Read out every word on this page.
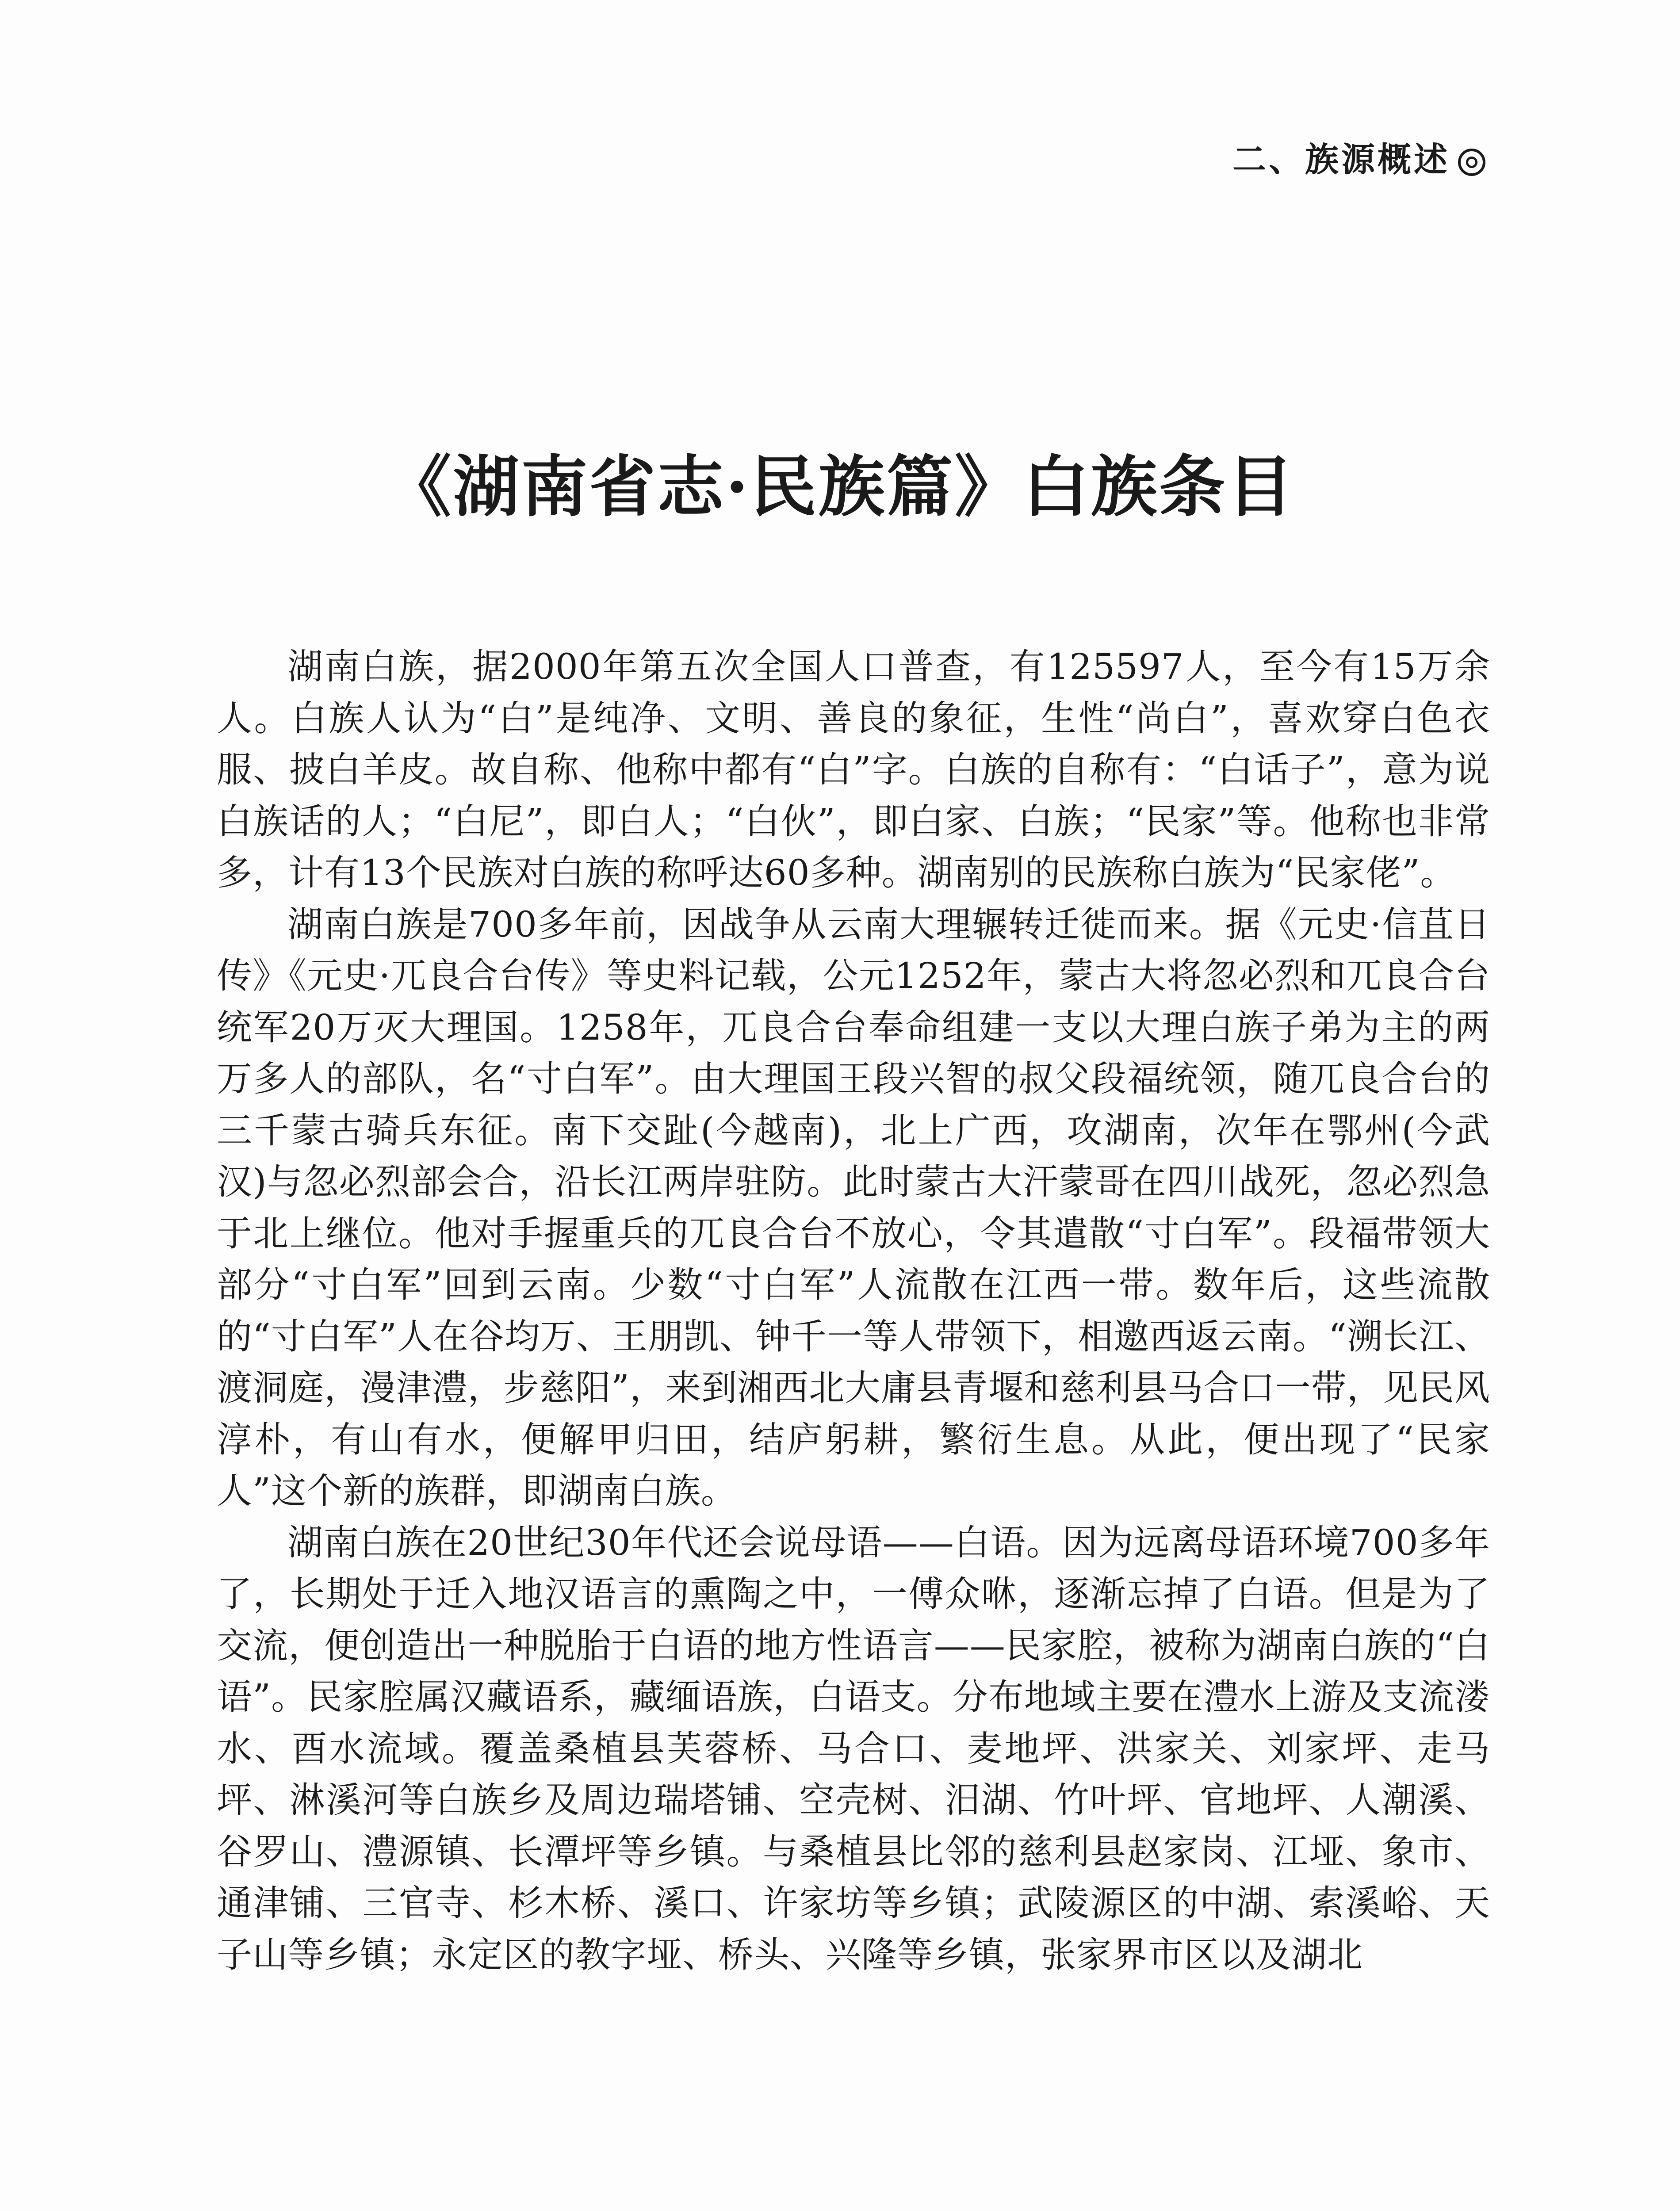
二、族源概述
《湖南省志·民族篇》白族条目

湖南白族，据2000年第五次全国人口普查，有125597人，至今有15万余人。白族人认为“白”是纯净、文明、善良的象征，生性“尚白”，喜欢穿白色衣服、披白羊皮。故自称、他称中都有“白”字。白族的自称有：“白话子”，意为说白族话的人；“白尼”，即白人；“白伙”，即白家、白族；“民家”等。他称也非常多，计有13个民族对白族的称呼达60多种。湖南别的民族称白族为“民家佬”。

湖南白族是700多年前，因战争从云南大理辗转迁徙而来。据《元史·信苴日传》《元史·兀良合台传》等史料记载，公元1252年，蒙古大将忽必烈和兀良合台统军20万灭大理国。1258年，兀良合台奉命组建一支以大理白族子弟为主的两万多人的部队，名“寸白军”。由大理国王段兴智的叔父段福统领，随兀良合台的三千蒙古骑兵东征。南下交趾(今越南)，北上广西，攻湖南，次年在鄂州(今武汉)与忽必烈部会合，沿长江两岸驻防。此时蒙古大汗蒙哥在四川战死，忽必烈急于北上继位。他对手握重兵的兀良合台不放心，令其遣散“寸白军”。段福带领大部分“寸白军”回到云南。少数“寸白军”人流散在江西一带。数年后，这些流散的“寸白军”人在谷均万、王朋凯、钟千一等人带领下，相邀西返云南。“溯长江、渡洞庭，漫津澧，步慈阳”，来到湘西北大庸县青堰和慈利县马合口一带，见民风淳朴，有山有水，便解甲归田，结庐躬耕，繁衍生息。从此，便出现了“民家人”这个新的族群，即湖南白族。

湖南白族在20世纪30年代还会说母语——白语。因为远离母语环境700多年了，长期处于迁入地汉语言的熏陶之中，一傅众咻，逐渐忘掉了白语。但是为了交流，便创造出一种脱胎于白语的地方性语言——民家腔，被称为湖南白族的“白语”。民家腔属汉藏语系，藏缅语族，白语支。分布地域主要在澧水上游及支流溇水、酉水流域。覆盖桑植县芙蓉桥、马合口、麦地坪、洪家关、刘家坪、走马坪、淋溪河等白族乡及周边瑞塔铺、空壳树、汨湖、竹叶坪、官地坪、人潮溪、谷罗山、澧源镇、长潭坪等乡镇。与桑植县比邻的慈利县赵家岗、江垭、象市、通津铺、三官寺、杉木桥、溪口、许家坊等乡镇；武陵源区的中湖、索溪峪、天子山等乡镇；永定区的教字垭、桥头、兴隆等乡镇，张家界市区以及湖北
